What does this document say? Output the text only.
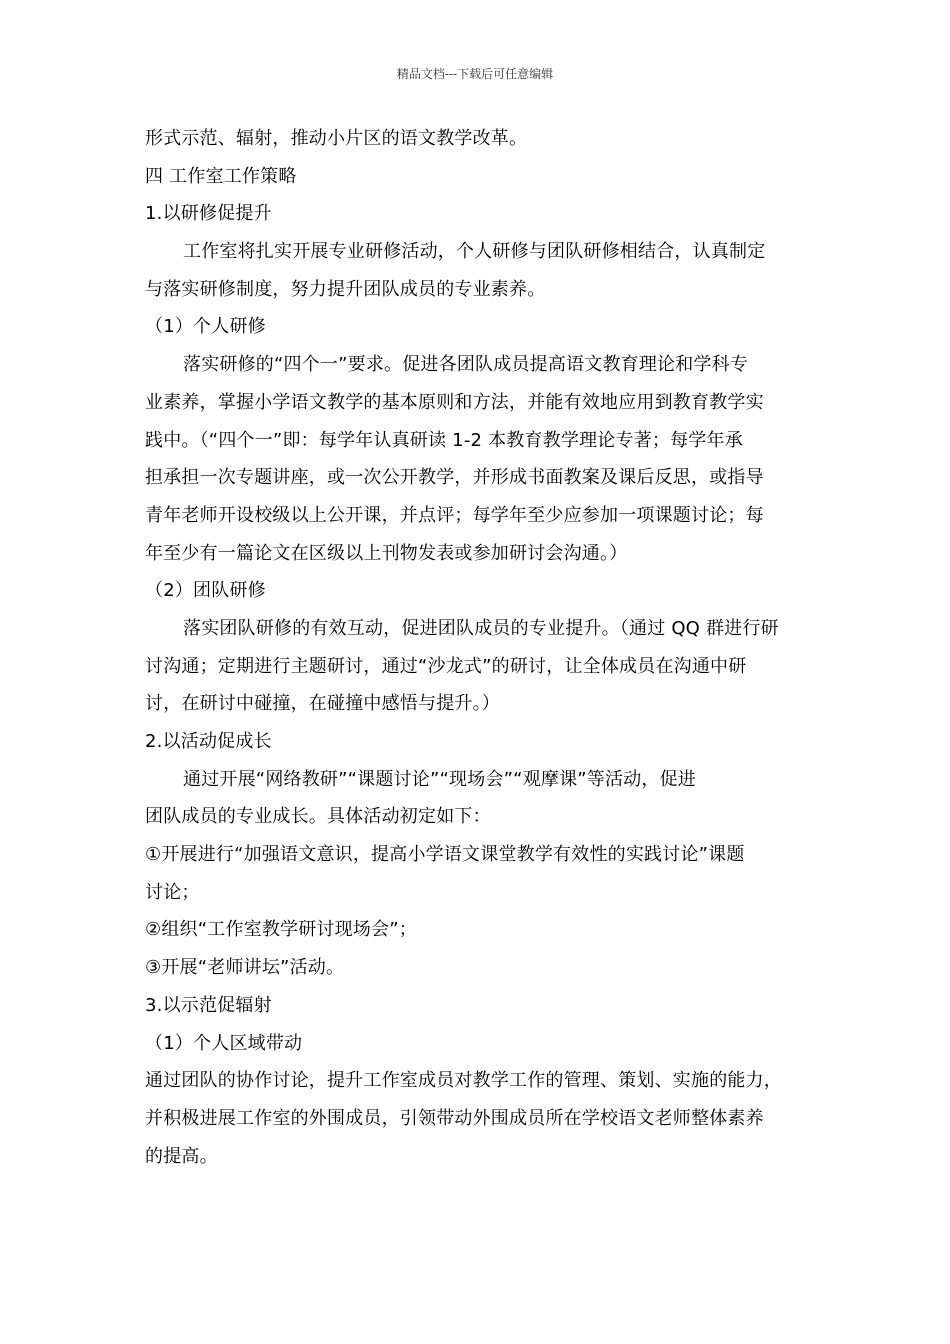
精品文档---下载后可任意编辑
形式示范、辐射，推动小片区的语文教学改革。
四 工作室工作策略
1.以研修促提升
工作室将扎实开展专业研修活动，个人研修与团队研修相结合，认真制定
与落实研修制度，努力提升团队成员的专业素养。
（1）个人研修
落实研修的“四个一”要求。促进各团队成员提高语文教育理论和学科专
业素养，掌握小学语文教学的基本原则和方法，并能有效地应用到教育教学实
践中。（“四个一”即：每学年认真研读 1-2 本教育教学理论专著；每学年承
担承担一次专题讲座，或一次公开教学，并形成书面教案及课后反思，或指导
青年老师开设校级以上公开课，并点评；每学年至少应参加一项课题讨论；每
年至少有一篇论文在区级以上刊物发表或参加研讨会沟通。）
（2）团队研修
落实团队研修的有效互动，促进团队成员的专业提升。（通过 QQ 群进行研
讨沟通；定期进行主题研讨，通过“沙龙式”的研讨，让全体成员在沟通中研
讨，在研讨中碰撞，在碰撞中感悟与提升。）
2.以活动促成长
通过开展“网络教研”“课题讨论”“现场会”“观摩课”等活动，促进
团队成员的专业成长。具体活动初定如下：
①开展进行“加强语文意识，提高小学语文课堂教学有效性的实践讨论”课题
讨论；
②组织“工作室教学研讨现场会”；
③开展“老师讲坛”活动。
3.以示范促辐射
（1）个人区域带动
通过团队的协作讨论，提升工作室成员对教学工作的管理、策划、实施的能力，
并积极进展工作室的外围成员，引领带动外围成员所在学校语文老师整体素养
的提高。
